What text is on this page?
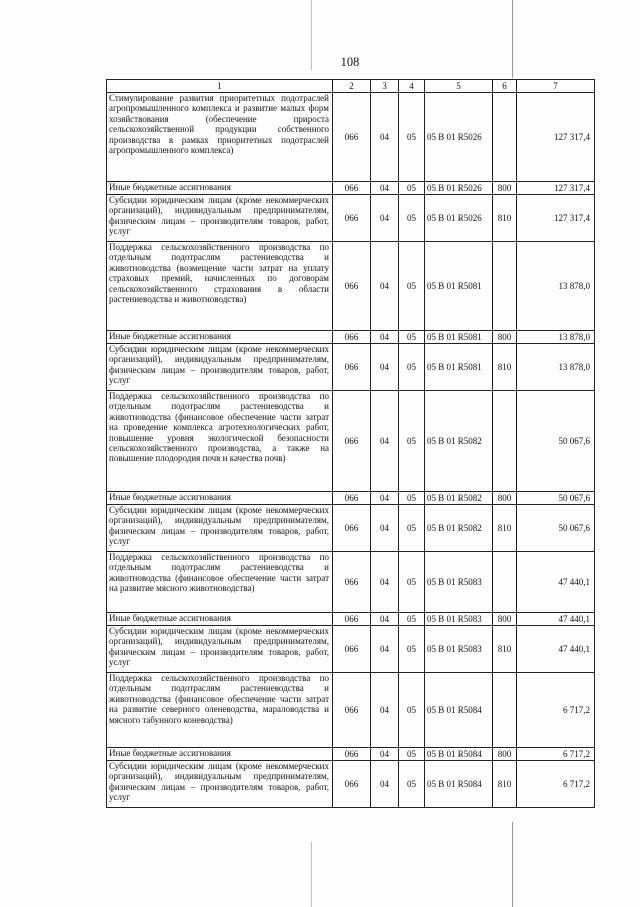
108
1	2	3	4	5	6	7
Стимулирование развития приоритетных подотраслей агропромышленного комплекса и развитие малых форм хозяйствования (обеспечение прироста сельскохозяйственной продукции собственного производства в рамках приоритетных подотраслей агропромышленного комплекса)	066	04	05	05 В 01 R5026		127 317,4
Иные бюджетные ассигнования	066	04	05	05 В 01 R5026	800	127 317,4
Субсидии юридическим лицам (кроме некоммерческих организаций), индивидуальным предпринимателям, физическим лицам – производителям товаров, работ, услуг	066	04	05	05 В 01 R5026	810	127 317,4
Поддержка сельскохозяйственного производства по отдельным подотраслям растениеводства и животноводства (возмещение части затрат на уплату страховых премий, начисленных по договорам сельскохозяйственного страхования в области растениеводства и животноводства)	066	04	05	05 В 01 R5081		13 878,0
Иные бюджетные ассигнования	066	04	05	05 В 01 R5081	800	13 878,0
Субсидии юридическим лицам (кроме некоммерческих организаций), индивидуальным предпринимателям, физическим лицам – производителям товаров, работ, услуг	066	04	05	05 В 01 R5081	810	13 878,0
Поддержка сельскохозяйственного производства по отдельным подотраслям растениеводства и животноводства (финансовое обеспечение части затрат на проведение комплекса агротехнологических работ, повышение уровня экологической безопасности сельскохозяйственного производства, а также на повышение плодородия почв и качества почв)	066	04	05	05 В 01 R5082		50 067,6
Иные бюджетные ассигнования	066	04	05	05 В 01 R5082	800	50 067,6
Субсидии юридическим лицам (кроме некоммерческих организаций), индивидуальным предпринимателям, физическим лицам – производителям товаров, работ, услуг	066	04	05	05 В 01 R5082	810	50 067,6
Поддержка сельскохозяйственного производства по отдельным подотраслям растениеводства и животноводства (финансовое обеспечение части затрат на развитие мясного животноводства)	066	04	05	05 В 01 R5083		47 440,1
Иные бюджетные ассигнования	066	04	05	05 В 01 R5083	800	47 440,1
Субсидии юридическим лицам (кроме некоммерческих организаций), индивидуальным предпринимателям, физическим лицам – производителям товаров, работ, услуг	066	04	05	05 В 01 R5083	810	47 440,1
Поддержка сельскохозяйственного производства по отдельным подотраслям растениеводства и животноводства (финансовое обеспечение части затрат на развитие северного оленеводства, мараловодства и мясного табунного коневодства)	066	04	05	05 В 01 R5084		6 717,2
Иные бюджетные ассигнования	066	04	05	05 В 01 R5084	800	6 717,2
Субсидии юридическим лицам (кроме некоммерческих организаций), индивидуальным предпринимателям, физическим лицам – производителям товаров, работ, услуг	066	04	05	05 В 01 R5084	810	6 717,2
